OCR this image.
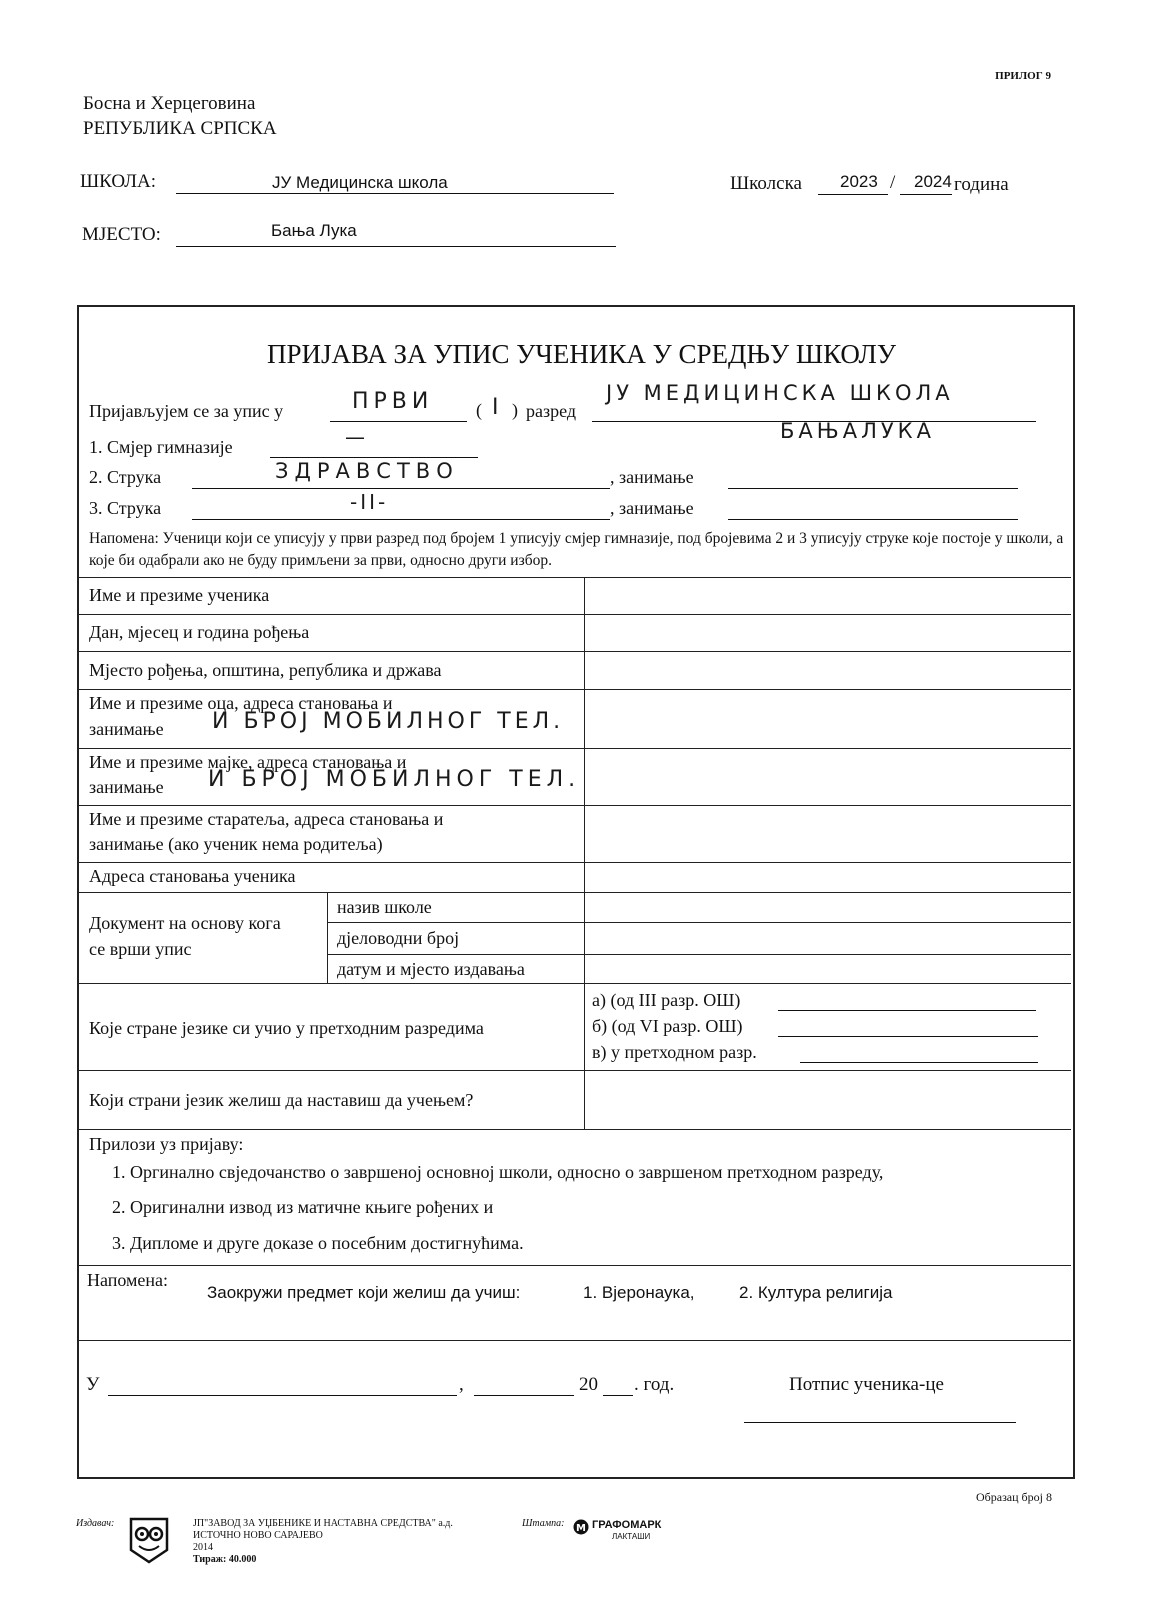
ПРИЛОГ 9
Босна и Херцеговина
РЕПУБЛИКА СРПСКА
ШКОЛА:	ЈУ Медицинска школа
МЈЕСТО:	Бања Лука
Школска 2023 / 2024 година
ПРИЈАВА ЗА УПИС УЧЕНИКА У СРЕДЊУ ШКОЛУ
Пријављујем се за упис у	ПРВИ ( I ) разред
ЈУ МЕДИЦИНСКА ШКОЛА
БАЊАЛУКА
1. Смјер гимназије	—
2. Струка	ЗДРАВСТВО	, занимање
3. Струка	-II-	, занимање
Напомена: Ученици који се уписују у први разред под бројем 1 уписују смјер гимназије, под бројевима 2 и 3 уписују струке које постоје у школи, а које би одабрали ако не буду примљени за први, односно други избор.
Име и презиме ученика
Дан, мјесец и година рођења
Мјесто рођења, општина, република и држава
Име и презиме оца, адреса становања и
занимање И БРОЈ МОБИЛНОГ ТЕЛ.
Име и презиме мајке, адреса становања и
занимање И БРОЈ МОБИЛНОГ ТЕЛ.
Име и презиме старатеља, адреса становања и
занимање (ако ученик нема родитеља)
Адреса становања ученика
Документ на основу кога
се врши упис
назив школе
дјеловодни број
датум и мјесто издавања
Које стране језике си учио у претходним разредима
а) (од III разр. ОШ)
б) (од VI разр. ОШ)
в) у претходном разр.
Који страни језик желиш да наставиш да учењем?
Прилози уз пријаву:
1. Оргинално свједочанство о завршеној основној школи, односно о завршеном претходном разреду,
2. Оригинални извод из матичне књиге рођених и
3. Дипломе и друге доказе о посебним достигнућима.
Напомена:
Заокружи предмет који желиш да учиш:	1. Вјеронаука,	2. Култура религија
У	,	20 . год.	Потпис ученика-це
Образац број 8
Издавач:	ЈП"ЗАВОД ЗА УЏБЕНИКЕ И НАСТАВНА СРЕДСТВА" а.д.
ИСТОЧНО НОВО САРАЈЕВО
2014
Тираж: 40.000
Штампа: M ГРАФОМАРК
ЛАКТАШИ
